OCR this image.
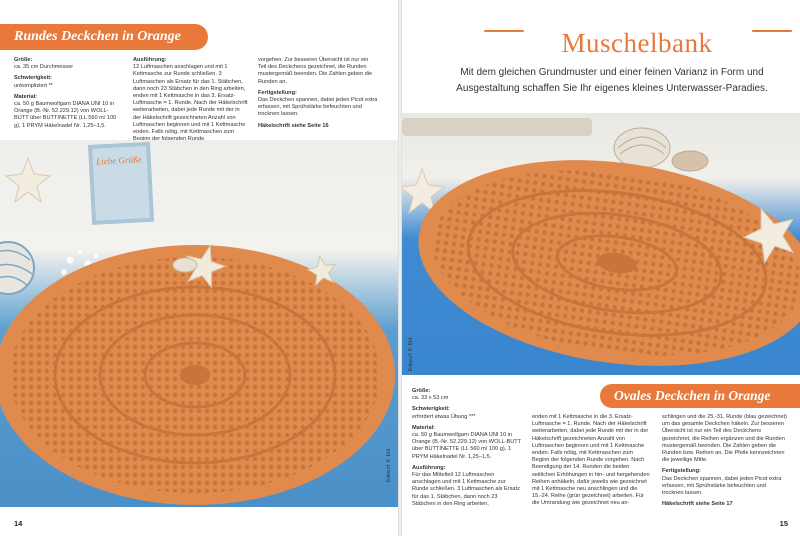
Rundes Deckchen in Orange

Größe:
ca. 35 cm Durchmesser

Schwierigkeit:
unkompliziert **

Material:
ca. 50 g Baumwollgarn DIANA UNI 10 in Orange (B.-Nr. 52.229.12) von WOLL-BUTT über BUTTINETTE (LL 560 m/ 100 g), 1 PRYM Häkelnadel Nr. 1,25–1,5.

Ausführung:
12 Luftmaschen anschlagen und mit 1 Kettmasche zur Runde schließen. 3 Luftmaschen als Ersatz für das 1. Stäbchen, dann noch 23 Stäbchen in den Ring arbeiten, enden mit 1 Kettmasche in das 3. Ersatz-Luftmasche = 1. Runde. Nach der Häkelschrift weiterarbeiten, dabei jede Runde mit der in der Häkelschrift gezeichneten Anzahl von Luftmaschen beginnen und mit 1 Kettmasche enden. Falls nötig, mit Kettmaschen zum

vorgehen. Zur besseren Übersicht ist nur ein Teil des Deckchens gezeichnet, die Runden mustergemäß beenden. Die Zahlen geben die Runden an.

Fertigstellung:
Das Deckchen spannen, dabei jeden Picot extra erfassen, mit Sprühstärke befeuchten und trocknen lassen.

Häkelschrift siehe Seite 16

Liebe Grüße
Entwurf: K. Eid
14
Muschelbank
Mit dem gleichen Grundmuster und einer feinen Varianz in Form und Ausgestaltung schaffen Sie Ihr eigenes kleines Unterwasser-Paradies.
Entwurf: K. Eid
Ovales Deckchen in Orange

Größe:
ca. 33 x 53 cm

Schwierigkeit:
erfordert etwas Übung ***

Material:
ca. 50 g Baumwollgarn DIANA UNI 10 in Orange (B.-Nr. 52.229.12) von WOLL-BUTT über BUTTINETTE (LL 560 m/ 100 g), 1 PRYM Häkelnadel Nr. 1,25–1,5.

Ausführung:
Für das Mittelteil 12 Luftmaschen anschlagen und mit 1 Kettmasche zur Runde schließen. 3 Luftmaschen als Ersatz für das 1. Stäbchen, dann noch 23 Stäbchen in den Ring arbeiten,

enden mit 1 Kettmasche in die 3. Ersatz-Luftmasche = 1. Runde. Nach der Häkelschrift weiterarbeiten, dabei jede Runde mit der in der Häkelschrift gezeichneten Anzahl von Luftmaschen beginnen und mit 1 Kettmasche enden. Falls nötig, mit Kettmaschen zum Beginn der folgenden Runde vorgehen. Nach Beendigung der 14. Runden die beiden seitlichen Erhöhungen in hin- und hergehenden Reihen anhäkeln, dafür jeweils wie gezeichnet mit 1 Kettmasche neu anschlingen und die 15.-24. Reihe (grün gezeichnet) arbeiten. Für die Umrandung wie gezeichnet neu an-

schlingen und die 25.-31. Runde (blau gezeichnet) um das gesamte Deckchen häkeln. Zur besseren Übersicht ist nur ein Teil des Deckchens gezeichnet, die Reihen ergänzen und die Runden mustergemäß beenden. Die Zahlen geben die Runden bzw. Reihen an. Die Pfeile kennzeichnen die jeweilige Mitte.

Fertigstellung:
Das Deckchen spannen, dabei jeden Picot extra erfassen, mit Sprühstärke befeuchten und trocknen lassen.

Häkelschrift siehe Seite 17

15
